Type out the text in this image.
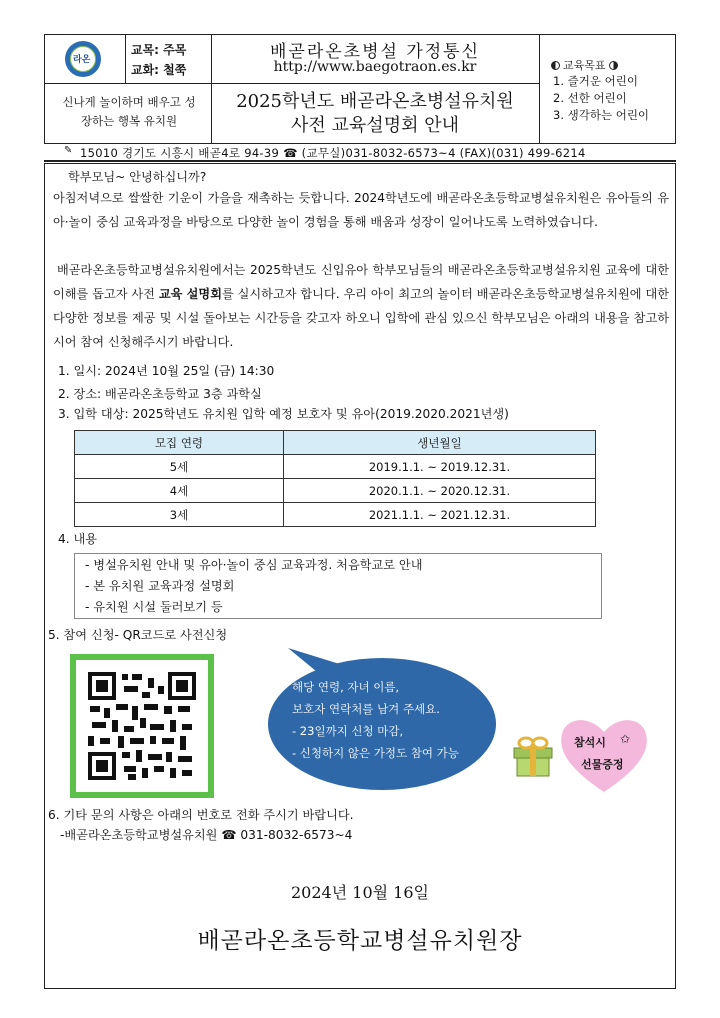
라온
교목: 주목
교화: 철쭉
신나게 놀이하며 배우고 성장하는 행복 유치원
배곧라온초병설 가정통신
http://www.baegotraon.es.kr
2025학년도 배곧라온초병설유치원
사전 교육설명회 안내
교육목표
1. 즐거운 어린이
2. 선한 어린이
3. 생각하는 어린이
✎ 15010 경기도 시흥시 배곧4로 94-39 ☎ (교무실)031-8032-6573~4 (FAX)(031) 499-6214
학부모님~ 안녕하십니까?
아침저녁으로 쌀쌀한 기운이 가을을 재촉하는 듯합니다. 2024학년도에 배곧라온초등학교병설유치원은 유아들의 유아·놀이 중심 교육과정을 바탕으로 다양한 놀이 경험을 통해 배움과 성장이 일어나도록 노력하였습니다.
배곧라온초등학교병설유치원에서는 2025학년도 신입유아 학부모님들의 배곧라온초등학교병설유치원 교육에 대한 이해를 돕고자 사전 교육 설명회를 실시하고자 합니다. 우리 아이 최고의 놀이터 배곧라온초등학교병설유치원에 대한 다양한 정보를 제공 및 시설 돌아보는 시간등을 갖고자 하오니 입학에 관심 있으신 학부모님은 아래의 내용을 참고하시어 참여 신청해주시기 바랍니다.
1. 일시: 2024년 10월 25일 (금) 14:30
2. 장소: 배곧라온초등학교 3층 과학실
3. 입학 대상: 2025학년도 유치원 입학 예정 보호자 및 유아(2019.2020.2021년생)
모집 연령	생년월일
5세	2019.1.1. ~ 2019.12.31.
4세	2020.1.1. ~ 2020.12.31.
3세	2021.1.1. ~ 2021.12.31.
4. 내용
- 병설유치원 안내 및 유아·놀이 중심 교육과정. 처음학교로 안내
- 본 유치원 교육과정 설명회
- 유치원 시설 둘러보기 등
5. 참여 신청- QR코드로 사전신청
해당 연령, 자녀 이름,
보호자 연락처를 남겨 주세요.
- 23일까지 신청 마감,
- 신청하지 않은 가정도 참여 가능
참석시 ✩
선물증정
6. 기타 문의 사항은 아래의 번호로 전화 주시기 바랍니다.
-배곧라온초등학교병설유치원 ☎ 031-8032-6573~4
2024년 10월 16일
배곧라온초등학교병설유치원장
